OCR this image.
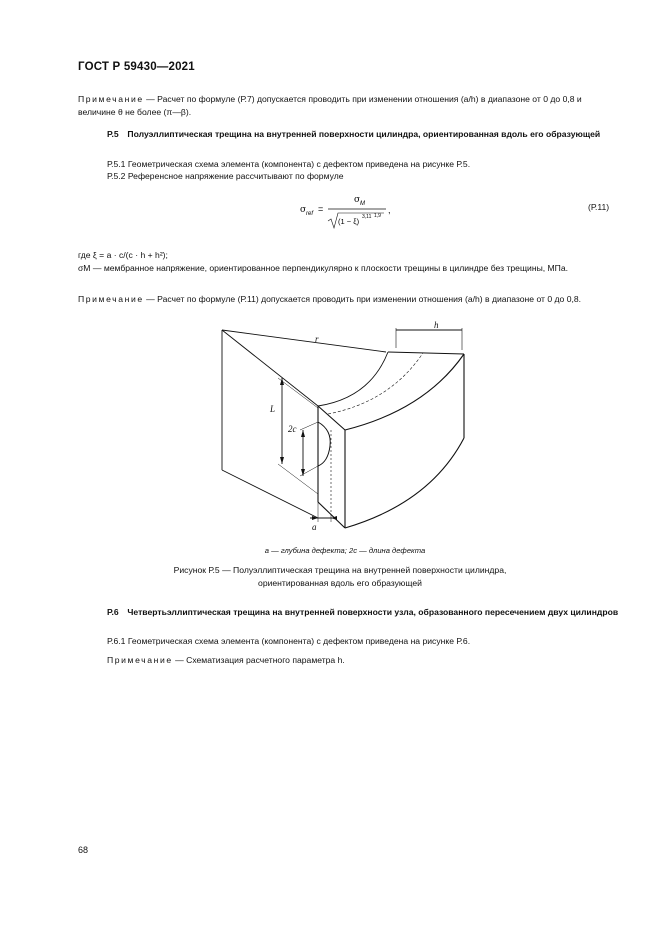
ГОСТ Р 59430—2021
Примечание — Расчет по формуле (Р.7) допускается проводить при изменении отношения (a/h) в диапазоне от 0 до 0,8 и величине θ не более (π—β).
Р.5 Полуэллиптическая трещина на внутренней поверхности цилиндра, ориентированная вдоль его образующей
Р.5.1 Геометрическая схема элемента (компонента) с дефектом приведена на рисунке Р.5.
Р.5.2 Референсное напряжение рассчитывают по формуле
σ ref =
σ M
(1 − ξ) 3,11 1,9
,	(Р.11)
где ξ = a · c/(c · h + h²);
σM — мембранное напряжение, ориентированное перпендикулярно к плоскости трещины в цилиндре без трещины, МПа.
Примечание — Расчет по формуле (Р.11) допускается проводить при изменении отношения (a/h) в диапазоне от 0 до 0,8.
h
r
L
2c
a
a — глубина дефекта; 2c — длина дефекта
Рисунок Р.5 — Полуэллиптическая трещина на внутренней поверхности цилиндра,
ориентированная вдоль его образующей
Р.6 Четвертьэллиптическая трещина на внутренней поверхности узла, образованного пересечением двух цилиндров
Р.6.1 Геометрическая схема элемента (компонента) с дефектом приведена на рисунке Р.6.
Примечание — Схематизация расчетного параметра h.
68
